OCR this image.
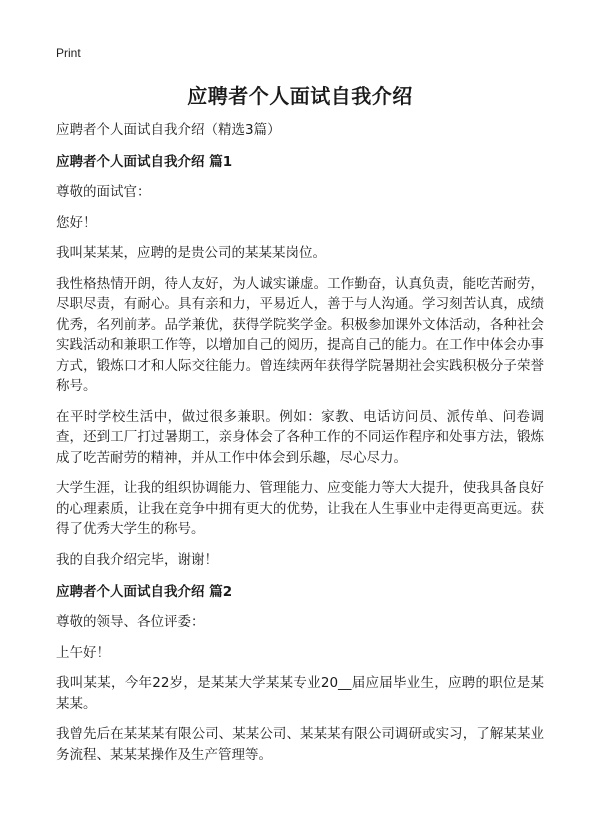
Print
应聘者个人面试自我介绍

应聘者个人面试自我介绍（精选3篇）

应聘者个人面试自我介绍 篇1

尊敬的面试官：

您好！

我叫某某某，应聘的是贵公司的某某某岗位。

我性格热情开朗，待人友好，为人诚实谦虚。工作勤奋，认真负责，能吃苦耐劳，尽职尽责，有耐心。具有亲和力，平易近人，善于与人沟通。学习刻苦认真，成绩优秀，名列前茅。品学兼优，获得学院奖学金。积极参加课外文体活动，各种社会实践活动和兼职工作等，以增加自己的阅历，提高自己的能力。在工作中体会办事方式，锻炼口才和人际交往能力。曾连续两年获得学院暑期社会实践积极分子荣誉称号。

在平时学校生活中，做过很多兼职。例如：家教、电话访问员、派传单、问卷调查，还到工厂打过暑期工，亲身体会了各种工作的不同运作程序和处事方法，锻炼成了吃苦耐劳的精神，并从工作中体会到乐趣，尽心尽力。

大学生涯，让我的组织协调能力、管理能力、应变能力等大大提升，使我具备良好的心理素质，让我在竞争中拥有更大的优势，让我在人生事业中走得更高更远。获得了优秀大学生的称号。

我的自我介绍完毕，谢谢！

应聘者个人面试自我介绍 篇2

尊敬的领导、各位评委：

上午好！

我叫某某，今年22岁，是某某大学某某专业20__届应届毕业生，应聘的职位是某某某。

我曾先后在某某某有限公司、某某公司、某某某有限公司调研或实习，了解某某业务流程、某某某操作及生产管理等。
